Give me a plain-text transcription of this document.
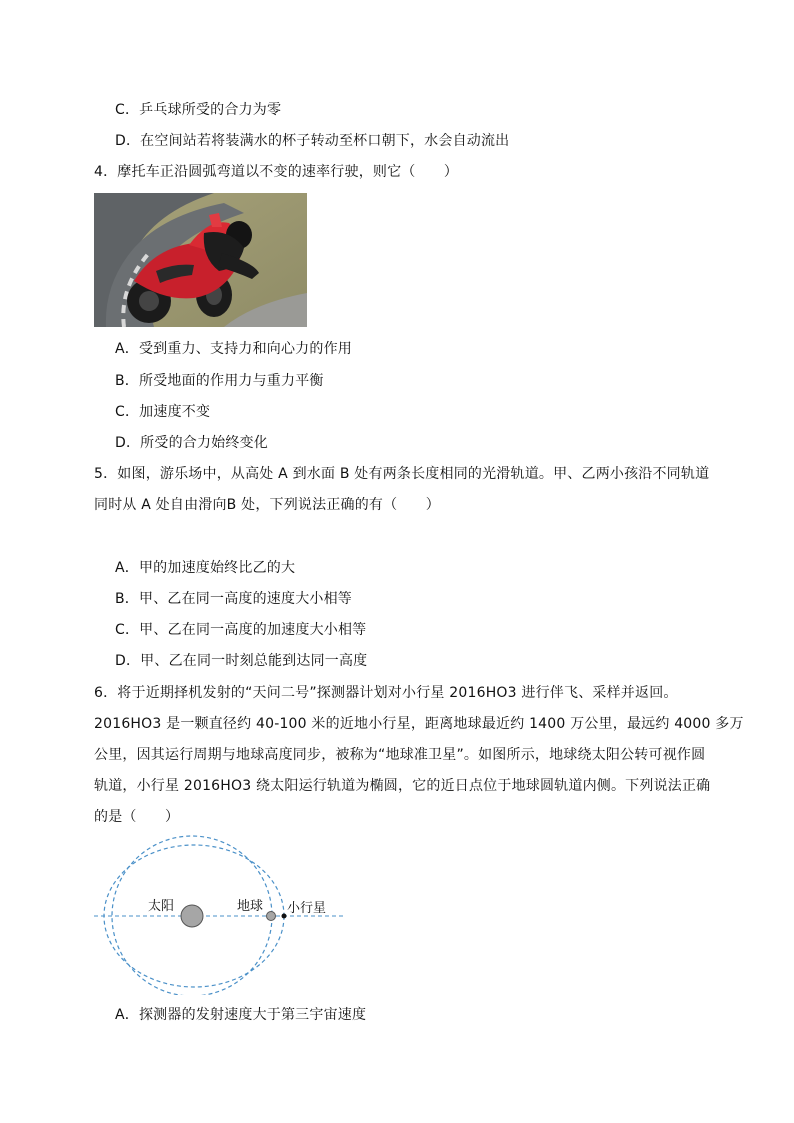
C．乒乓球所受的合力为零
D．在空间站若将装满水的杯子转动至杯口朝下，水会自动流出
4．摩托车正沿圆弧弯道以不变的速率行驶，则它（　　）
A．受到重力、支持力和向心力的作用
B．所受地面的作用力与重力平衡
C．加速度不变
D．所受的合力始终变化
5．如图，游乐场中，从高处 A 到水面 B 处有两条长度相同的光滑轨道。甲、乙两小孩沿不同轨道
同时从 A 处自由滑向B 处，下列说法正确的有（　　）
A．甲的加速度始终比乙的大
B．甲、乙在同一高度的速度大小相等
C．甲、乙在同一高度的加速度大小相等
D．甲、乙在同一时刻总能到达同一高度
6．将于近期择机发射的“天问二号”探测器计划对小行星 2016HO3 进行伴飞、采样并返回。
2016HO3 是一颗直径约 40-100 米的近地小行星，距离地球最近约 1400 万公里，最远约 4000 多万
公里，因其运行周期与地球高度同步，被称为“地球准卫星”。如图所示，地球绕太阳公转可视作圆
轨道，小行星 2016HO3 绕太阳运行轨道为椭圆，它的近日点位于地球圆轨道内侧。下列说法正确
的是（　　）
太阳	地球 小行星
A．探测器的发射速度大于第三宇宙速度
